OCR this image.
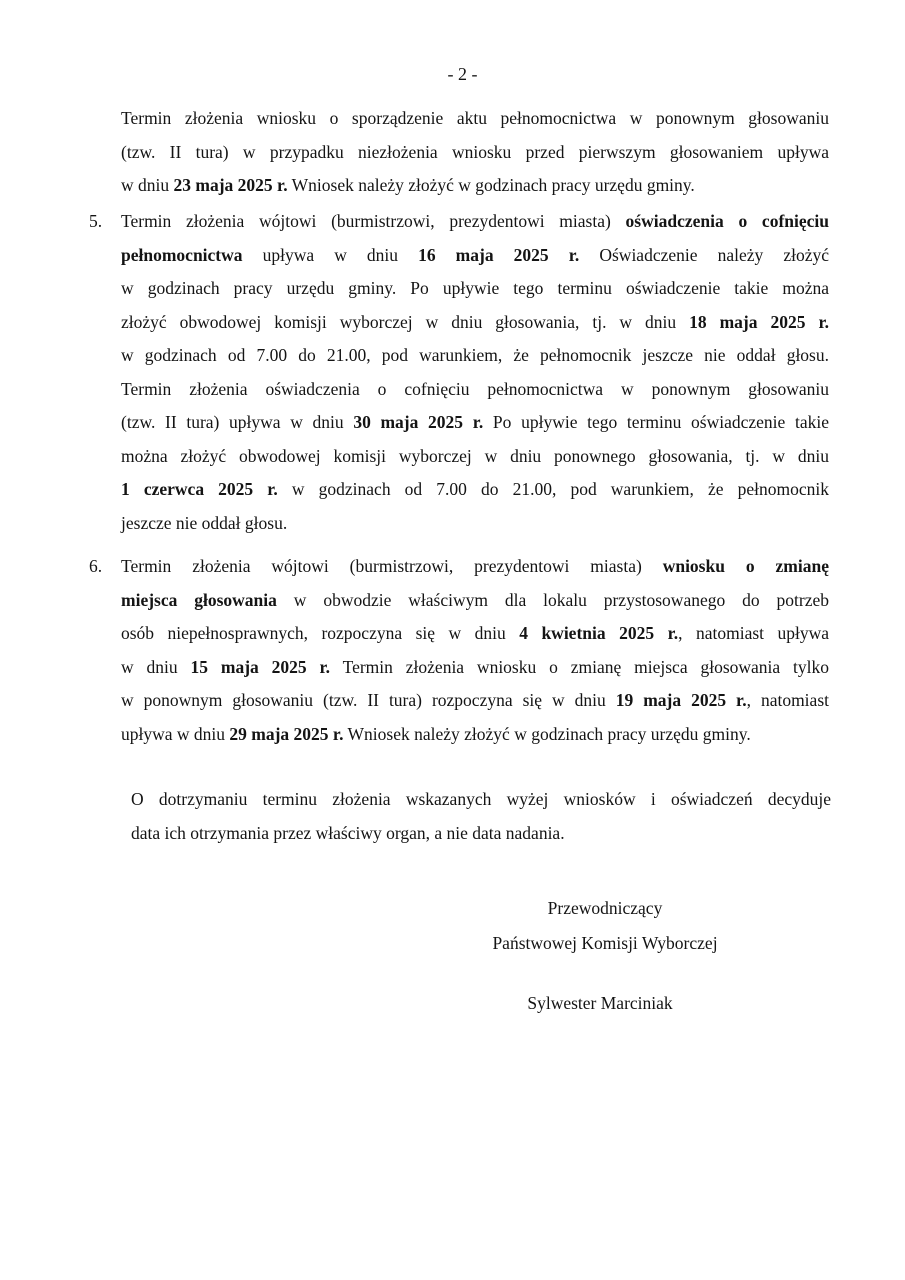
- 2 -
Termin złożenia wniosku o sporządzenie aktu pełnomocnictwa w ponownym głosowaniu
(tzw. II tura) w przypadku niezłożenia wniosku przed pierwszym głosowaniem upływa
w dniu 23 maja 2025 r. Wniosek należy złożyć w godzinach pracy urzędu gminy.
5. Termin złożenia wójtowi (burmistrzowi, prezydentowi miasta) oświadczenia o cofnięciu
pełnomocnictwa upływa w dniu 16 maja 2025 r. Oświadczenie należy złożyć
w godzinach pracy urzędu gminy. Po upływie tego terminu oświadczenie takie można
złożyć obwodowej komisji wyborczej w dniu głosowania, tj. w dniu 18 maja 2025 r.
w godzinach od 7.00 do 21.00, pod warunkiem, że pełnomocnik jeszcze nie oddał głosu.
Termin złożenia oświadczenia o cofnięciu pełnomocnictwa w ponownym głosowaniu
(tzw. II tura) upływa w dniu 30 maja 2025 r. Po upływie tego terminu oświadczenie takie
można złożyć obwodowej komisji wyborczej w dniu ponownego głosowania, tj. w dniu
1 czerwca 2025 r. w godzinach od 7.00 do 21.00, pod warunkiem, że pełnomocnik
jeszcze nie oddał głosu.
6. Termin złożenia wójtowi (burmistrzowi, prezydentowi miasta) wniosku o zmianę
miejsca głosowania w obwodzie właściwym dla lokalu przystosowanego do potrzeb
osób niepełnosprawnych, rozpoczyna się w dniu 4 kwietnia 2025 r., natomiast upływa
w dniu 15 maja 2025 r. Termin złożenia wniosku o zmianę miejsca głosowania tylko
w ponownym głosowaniu (tzw. II tura) rozpoczyna się w dniu 19 maja 2025 r., natomiast
upływa w dniu 29 maja 2025 r. Wniosek należy złożyć w godzinach pracy urzędu gminy.
O dotrzymaniu terminu złożenia wskazanych wyżej wniosków i oświadczeń decyduje
data ich otrzymania przez właściwy organ, a nie data nadania.
Przewodniczący
Państwowej Komisji Wyborczej
Sylwester Marciniak
